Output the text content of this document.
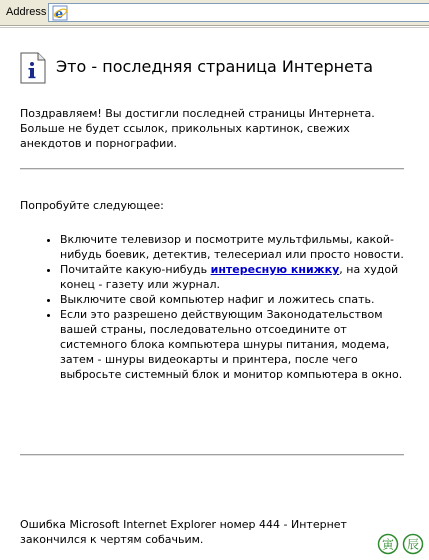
Address e
Это - последняя страница Интернета
Поздравляем! Вы достигли последней страницы Интернета. Больше не будет ссылок, прикольных картинок, свежих анекдотов и порнографии.
Попробуйте следующее:
• Включите телевизор и посмотрите мультфильмы, какой-нибудь боевик, детектив, телесериал или просто новости.
• Почитайте какую-нибудь интересную книжку, на худой конец - газету или журнал.
• Выключите свой компьютер нафиг и ложитесь спать.
• Если это разрешено действующим Законодательством вашей страны, последовательно отсоедините от системного блока компьютера шнуры питания, модема, затем - шнуры видеокарты и принтера, после чего выбросьте системный блок и монитор компьютера в окно.
Ошибка Microsoft Internet Explorer номер 444 - Интернет
закончился к чертям собачьим.	寅 辰
